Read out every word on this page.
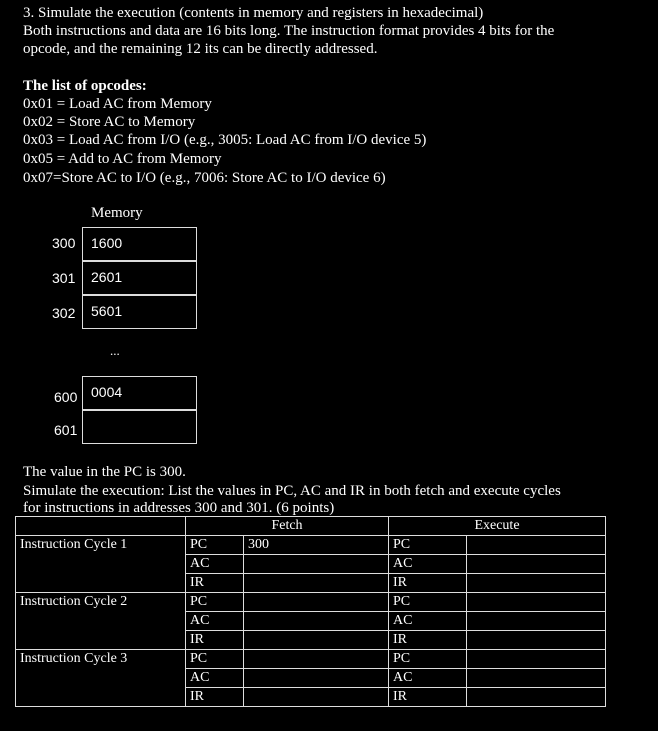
3. Simulate the execution (contents in memory and registers in hexadecimal)
Both instructions and data are 16 bits long. The instruction format provides 4 bits for the
opcode, and the remaining 12 its can be directly addressed.
The list of opcodes:
0x01 = Load AC from Memory
0x02 = Store AC to Memory
0x03 = Load AC from I/O (e.g., 3005: Load AC from I/O device 5)
0x05 = Add to AC from Memory
0x07=Store AC to I/O (e.g., 7006: Store AC to I/O device 6)
Memory
300 1600
301 2601
302 5601
...
600 0004
601
The value in the PC is 300.
Simulate the execution: List the values in PC, AC and IR in both fetch and execute cycles
for instructions in addresses 300 and 301. (6 points)
	Fetch		Execute	
Instruction Cycle 1	PC	300	PC	
	AC		AC	
	IR		IR	
Instruction Cycle 2	PC		PC	
	AC		AC	
	IR		IR	
Instruction Cycle 3	PC		PC	
	AC		AC	
	IR		IR	
